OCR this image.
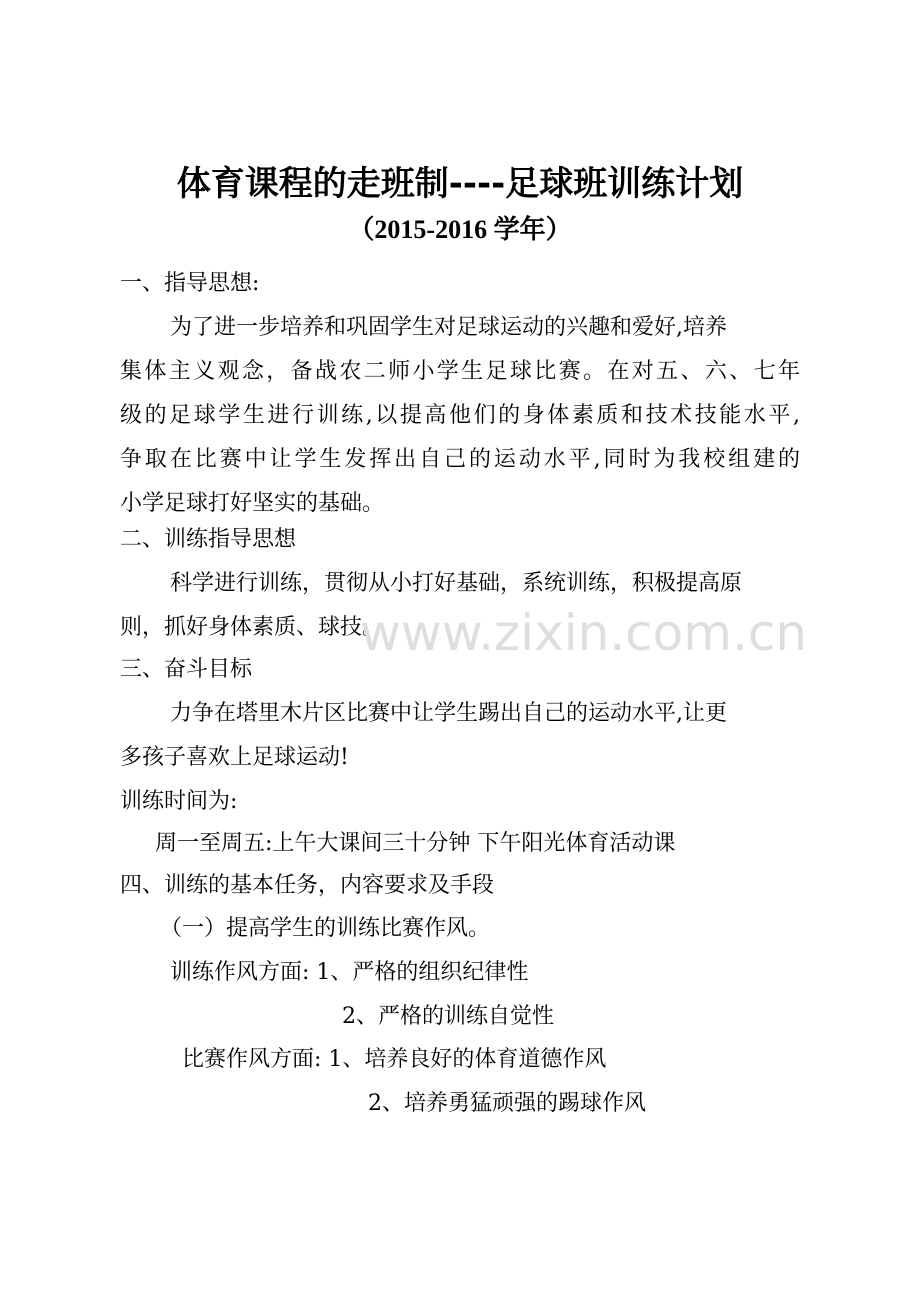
体育课程的走班制----足球班训练计划
（2015-2016 学年）
一、指导思想:
为了进一步培养和巩固学生对足球运动的兴趣和爱好,培养
集体主义观念，备战农二师小学生足球比赛。在对五、六、七年
级的足球学生进行训练,以提高他们的身体素质和技术技能水平,
争取在比赛中让学生发挥出自己的运动水平,同时为我校组建的
小学足球打好坚实的基础。
二、训练指导思想
科学进行训练，贯彻从小打好基础，系统训练，积极提高原
则，抓好身体素质、球技。
三、奋斗目标
力争在塔里木片区比赛中让学生踢出自己的运动水平,让更
多孩子喜欢上足球运动!
训练时间为:
周一至周五:上午大课间三十分钟 下午阳光体育活动课
四、训练的基本任务，内容要求及手段
（一）提高学生的训练比赛作风。
训练作风方面: 1、严格的组织纪律性
2、严格的训练自觉性
比赛作风方面: 1、培养良好的体育道德作风
2、培养勇猛顽强的踢球作风
www.zixin.com.cn
